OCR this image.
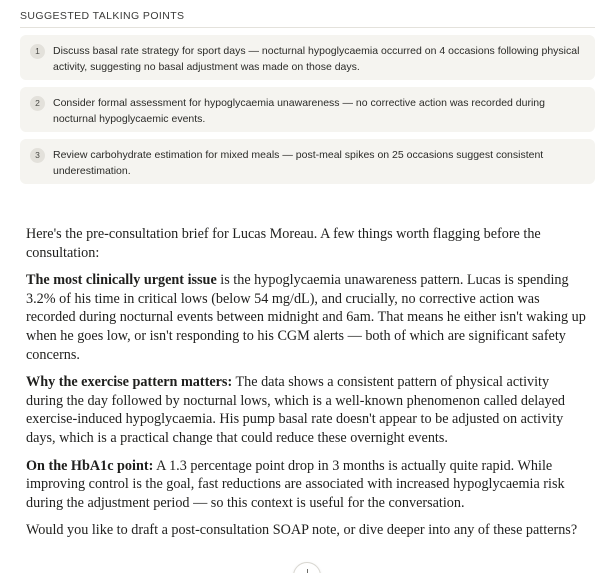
SUGGESTED TALKING POINTS
1	Discuss basal rate strategy for sport days — nocturnal hypoglycaemia occurred on 4 occasions following physical activity, suggesting no basal adjustment was made on those days.
2	Consider formal assessment for hypoglycaemia unawareness — no corrective action was recorded during nocturnal hypoglycaemic events.
3	Review carbohydrate estimation for mixed meals — post-meal spikes on 25 occasions suggest consistent underestimation.

Here's the pre-consultation brief for Lucas Moreau. A few things worth flagging before the consultation:

The most clinically urgent issue is the hypoglycaemia unawareness pattern. Lucas is spending 3.2% of his time in critical lows (below 54 mg/dL), and crucially, no corrective action was recorded during nocturnal events between midnight and 6am. That means he either isn't waking up when he goes low, or isn't responding to his CGM alerts — both of which are significant safety concerns.

Why the exercise pattern matters: The data shows a consistent pattern of physical activity during the day followed by nocturnal lows, which is a well-known phenomenon called delayed exercise-induced hypoglycaemia. His pump basal rate doesn't appear to be adjusted on activity days, which is a practical change that could reduce these overnight events.

On the HbA1c point: A 1.3 percentage point drop in 3 months is actually quite rapid. While improving control is the goal, fast reductions are associated with increased hypoglycaemia risk during the adjustment period — so this context is useful for the conversation.

Would you like to draft a post-consultation SOAP note, or dive deeper into any of these patterns?
